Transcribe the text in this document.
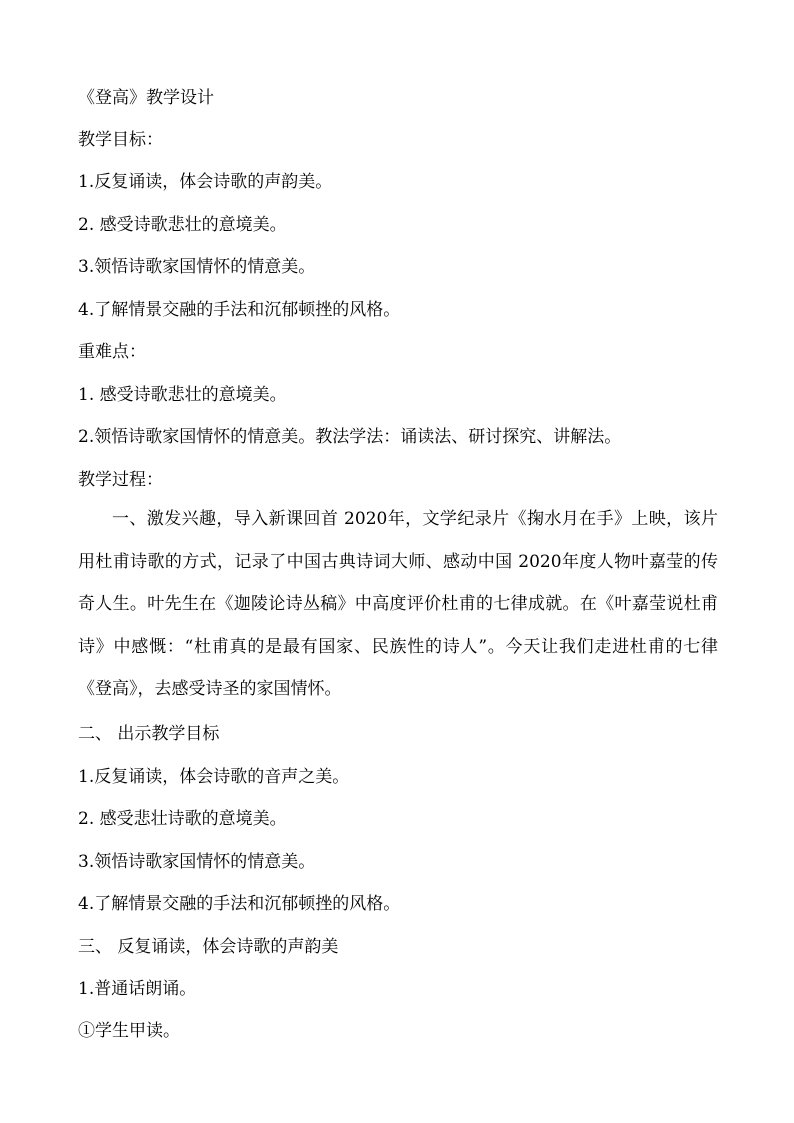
《登高》教学设计

教学目标：

1.反复诵读，体会诗歌的声韵美。

2. 感受诗歌悲壮的意境美。

3.领悟诗歌家国情怀的情意美。

4.了解情景交融的手法和沉郁顿挫的风格。

重难点：

1. 感受诗歌悲壮的意境美。

2.领悟诗歌家国情怀的情意美。教法学法：诵读法、研讨探究、讲解法。

教学过程：

一、激发兴趣，导入新课回首 2020年，文学纪录片《掬水月在手》上映，该片用杜甫诗歌的方式，记录了中国古典诗词大师、感动中国 2020年度人物叶嘉莹的传奇人生。叶先生在《迦陵论诗丛稿》中高度评价杜甫的七律成就。在《叶嘉莹说杜甫诗》中感慨：“杜甫真的是最有国家、民族性的诗人”。今天让我们走进杜甫的七律《登高》，去感受诗圣的家国情怀。

二、 出示教学目标

1.反复诵读，体会诗歌的音声之美。

2. 感受悲壮诗歌的意境美。

3.领悟诗歌家国情怀的情意美。

4.了解情景交融的手法和沉郁顿挫的风格。

三、 反复诵读，体会诗歌的声韵美

1.普通话朗诵。

①学生甲读。
